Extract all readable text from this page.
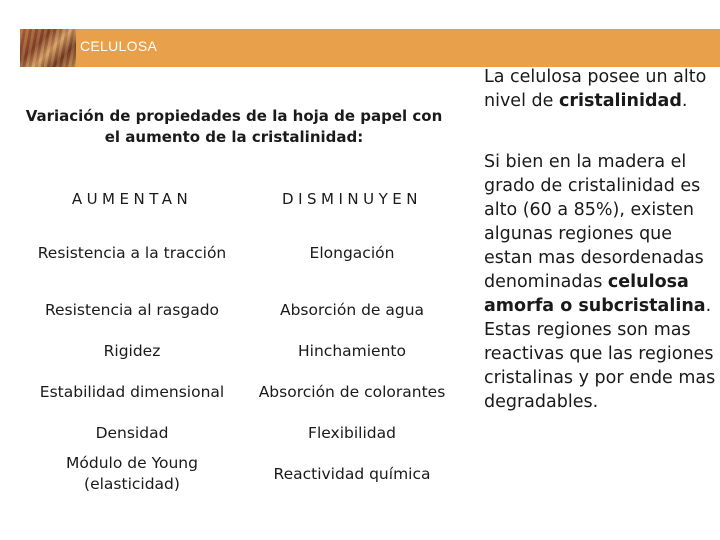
CELULOSA
Variación de propiedades de la hoja de papel con el aumento de la cristalinidad:
AUMENTAN	DISMINUYEN
Resistencia a la tracción
Resistencia al rasgado
Rigidez
Estabilidad dimensional
Densidad
Módulo de Young (elasticidad)
Elongación
Absorción de agua
Hinchamiento
Absorción de colorantes
Flexibilidad
Reactividad química
La celulosa posee un alto nivel de cristalinidad.
Si bien en la madera el grado de cristalinidad es alto (60 a 85%), existen algunas regiones que estan mas desordenadas denominadas celulosa amorfa o subcristalina. Estas regiones son mas reactivas que las regiones cristalinas y por ende mas degradables.
